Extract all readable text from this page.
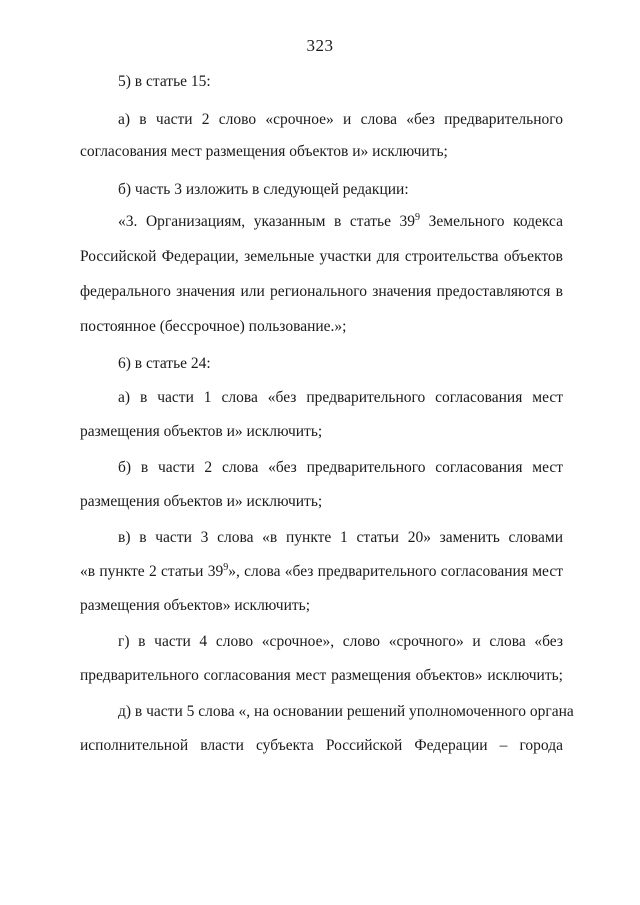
323
5) в статье 15:
а) в части 2 слово «срочное» и слова «без предварительного
согласования мест размещения объектов и» исключить;
б) часть 3 изложить в следующей редакции:
«3. Организациям, указанным в статье $39^9$ Земельного кодекса
Российской Федерации, земельные участки для строительства объектов
федерального значения или регионального значения предоставляются в
постоянное (бессрочное) пользование.»;
6) в статье 24:
а) в части 1 слова «без предварительного согласования мест
размещения объектов и» исключить;
б) в части 2 слова «без предварительного согласования мест
размещения объектов и» исключить;
в) в части 3 слова «в пункте 1 статьи 20» заменить словами
«в пункте 2 статьи $39^9$», слова «без предварительного согласования мест
размещения объектов» исключить;
г) в части 4 слово «срочное», слово «срочного» и слова «без
предварительного согласования мест размещения объектов» исключить;
д) в части 5 слова «, на основании решений уполномоченного органа
исполнительной власти субъекта Российской Федерации – города
